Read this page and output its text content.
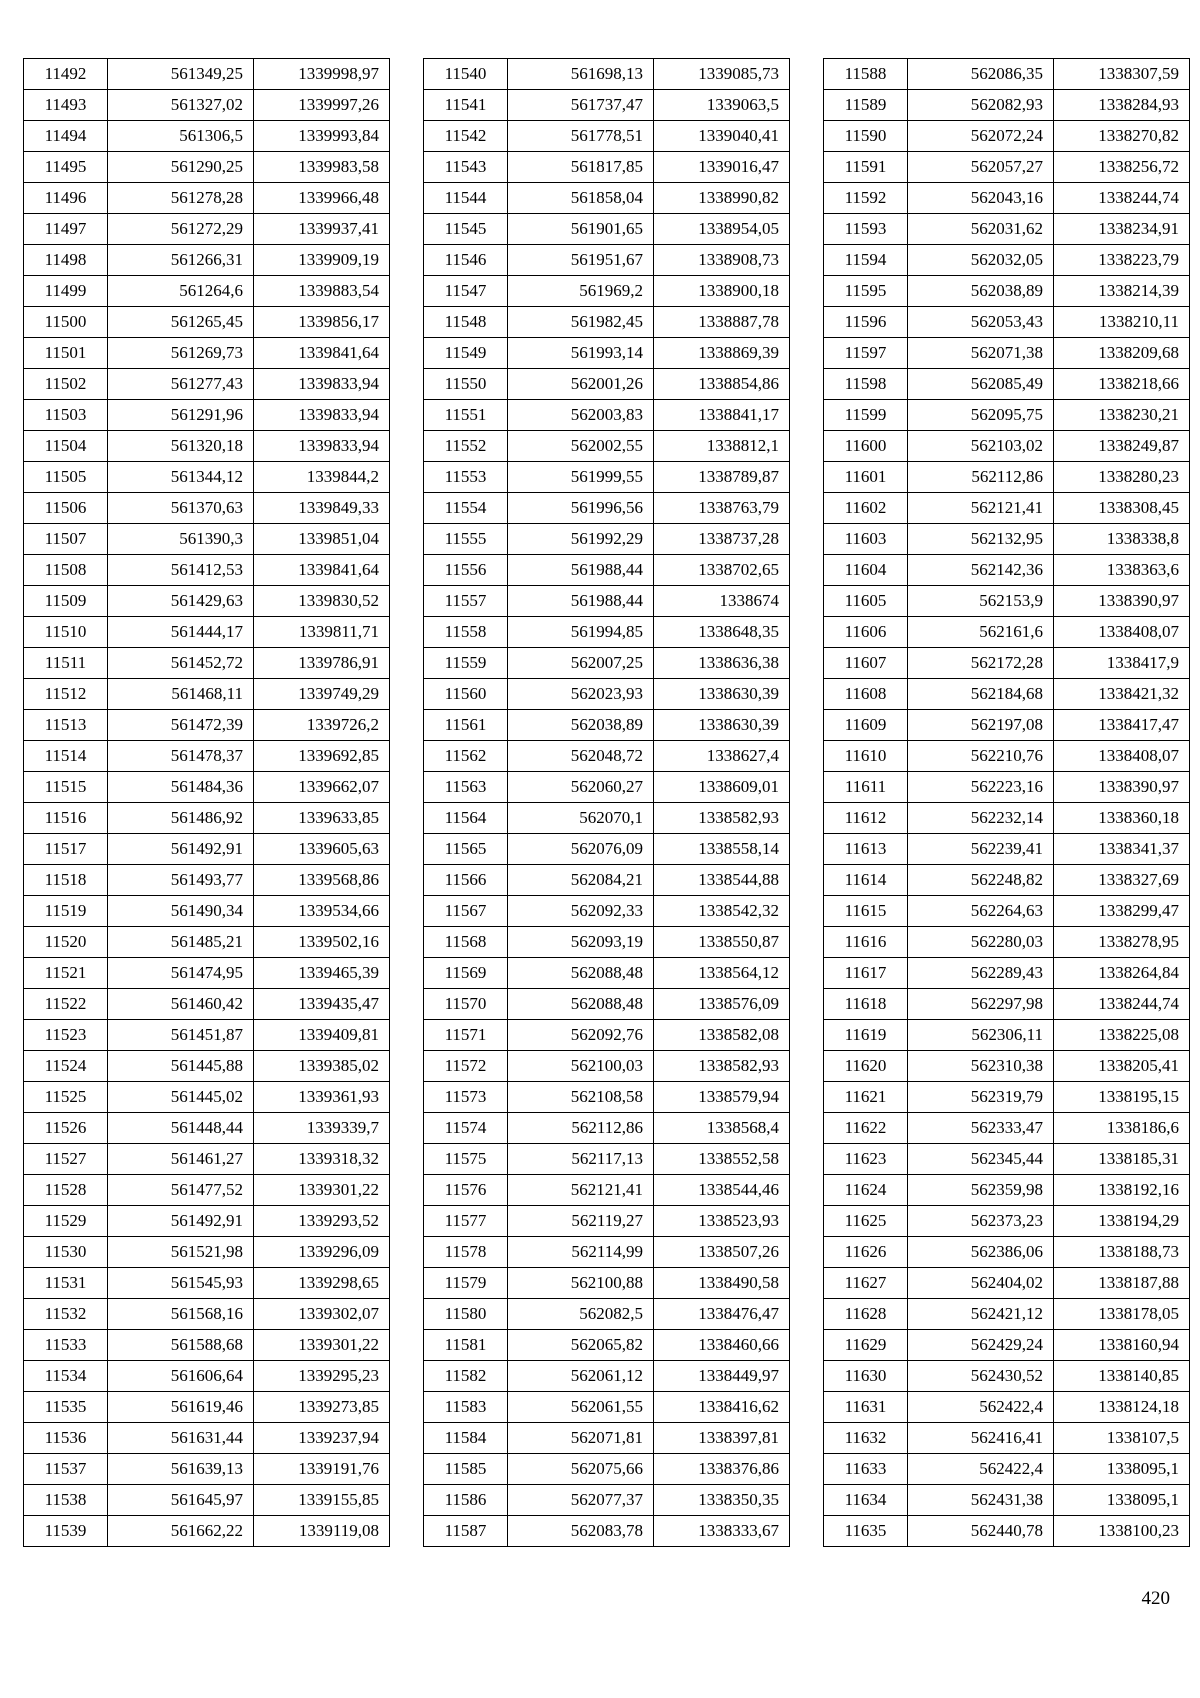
11492	561349,25	1339998,97
11493	561327,02	1339997,26
11494	561306,5	1339993,84
11495	561290,25	1339983,58
11496	561278,28	1339966,48
11497	561272,29	1339937,41
11498	561266,31	1339909,19
11499	561264,6	1339883,54
11500	561265,45	1339856,17
11501	561269,73	1339841,64
11502	561277,43	1339833,94
11503	561291,96	1339833,94
11504	561320,18	1339833,94
11505	561344,12	1339844,2
11506	561370,63	1339849,33
11507	561390,3	1339851,04
11508	561412,53	1339841,64
11509	561429,63	1339830,52
11510	561444,17	1339811,71
11511	561452,72	1339786,91
11512	561468,11	1339749,29
11513	561472,39	1339726,2
11514	561478,37	1339692,85
11515	561484,36	1339662,07
11516	561486,92	1339633,85
11517	561492,91	1339605,63
11518	561493,77	1339568,86
11519	561490,34	1339534,66
11520	561485,21	1339502,16
11521	561474,95	1339465,39
11522	561460,42	1339435,47
11523	561451,87	1339409,81
11524	561445,88	1339385,02
11525	561445,02	1339361,93
11526	561448,44	1339339,7
11527	561461,27	1339318,32
11528	561477,52	1339301,22
11529	561492,91	1339293,52
11530	561521,98	1339296,09
11531	561545,93	1339298,65
11532	561568,16	1339302,07
11533	561588,68	1339301,22
11534	561606,64	1339295,23
11535	561619,46	1339273,85
11536	561631,44	1339237,94
11537	561639,13	1339191,76
11538	561645,97	1339155,85
11539	561662,22	1339119,08
11540	561698,13	1339085,73
11541	561737,47	1339063,5
11542	561778,51	1339040,41
11543	561817,85	1339016,47
11544	561858,04	1338990,82
11545	561901,65	1338954,05
11546	561951,67	1338908,73
11547	561969,2	1338900,18
11548	561982,45	1338887,78
11549	561993,14	1338869,39
11550	562001,26	1338854,86
11551	562003,83	1338841,17
11552	562002,55	1338812,1
11553	561999,55	1338789,87
11554	561996,56	1338763,79
11555	561992,29	1338737,28
11556	561988,44	1338702,65
11557	561988,44	1338674
11558	561994,85	1338648,35
11559	562007,25	1338636,38
11560	562023,93	1338630,39
11561	562038,89	1338630,39
11562	562048,72	1338627,4
11563	562060,27	1338609,01
11564	562070,1	1338582,93
11565	562076,09	1338558,14
11566	562084,21	1338544,88
11567	562092,33	1338542,32
11568	562093,19	1338550,87
11569	562088,48	1338564,12
11570	562088,48	1338576,09
11571	562092,76	1338582,08
11572	562100,03	1338582,93
11573	562108,58	1338579,94
11574	562112,86	1338568,4
11575	562117,13	1338552,58
11576	562121,41	1338544,46
11577	562119,27	1338523,93
11578	562114,99	1338507,26
11579	562100,88	1338490,58
11580	562082,5	1338476,47
11581	562065,82	1338460,66
11582	562061,12	1338449,97
11583	562061,55	1338416,62
11584	562071,81	1338397,81
11585	562075,66	1338376,86
11586	562077,37	1338350,35
11587	562083,78	1338333,67
11588	562086,35	1338307,59
11589	562082,93	1338284,93
11590	562072,24	1338270,82
11591	562057,27	1338256,72
11592	562043,16	1338244,74
11593	562031,62	1338234,91
11594	562032,05	1338223,79
11595	562038,89	1338214,39
11596	562053,43	1338210,11
11597	562071,38	1338209,68
11598	562085,49	1338218,66
11599	562095,75	1338230,21
11600	562103,02	1338249,87
11601	562112,86	1338280,23
11602	562121,41	1338308,45
11603	562132,95	1338338,8
11604	562142,36	1338363,6
11605	562153,9	1338390,97
11606	562161,6	1338408,07
11607	562172,28	1338417,9
11608	562184,68	1338421,32
11609	562197,08	1338417,47
11610	562210,76	1338408,07
11611	562223,16	1338390,97
11612	562232,14	1338360,18
11613	562239,41	1338341,37
11614	562248,82	1338327,69
11615	562264,63	1338299,47
11616	562280,03	1338278,95
11617	562289,43	1338264,84
11618	562297,98	1338244,74
11619	562306,11	1338225,08
11620	562310,38	1338205,41
11621	562319,79	1338195,15
11622	562333,47	1338186,6
11623	562345,44	1338185,31
11624	562359,98	1338192,16
11625	562373,23	1338194,29
11626	562386,06	1338188,73
11627	562404,02	1338187,88
11628	562421,12	1338178,05
11629	562429,24	1338160,94
11630	562430,52	1338140,85
11631	562422,4	1338124,18
11632	562416,41	1338107,5
11633	562422,4	1338095,1
11634	562431,38	1338095,1
11635	562440,78	1338100,23
420
